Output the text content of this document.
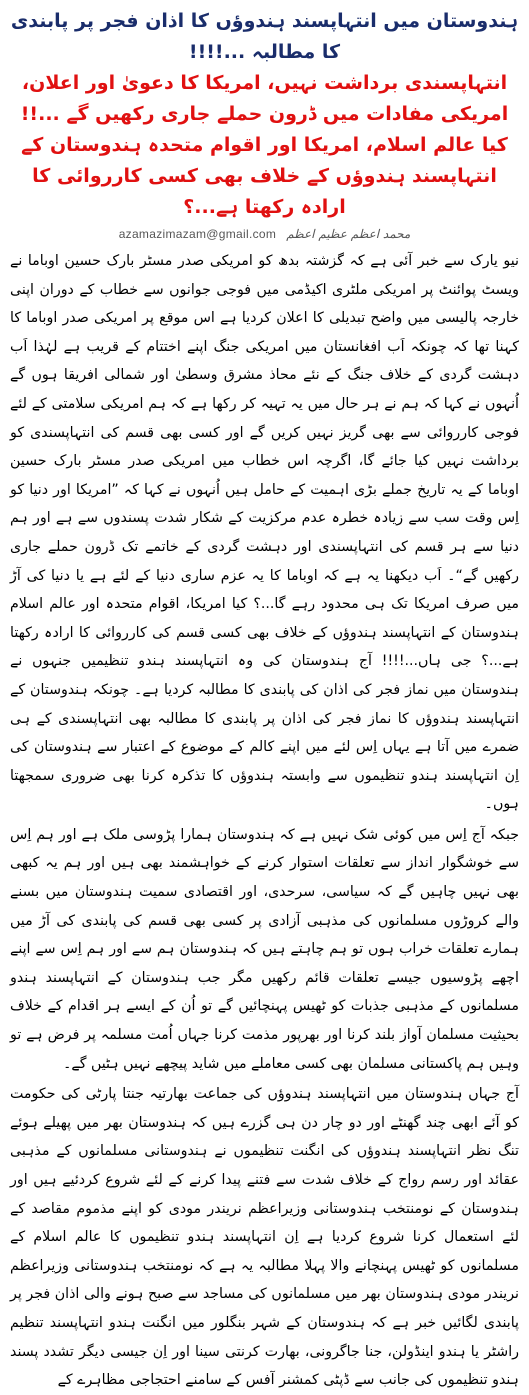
ہندوستان میں انتہاپسند ہندوؤں کا اذان فجر پر پابندی کا مطالبہ ...!!!!
انتہاپسندی برداشت نہیں، امریکا کا دعویٰ اور اعلان، امریکی مفادات میں ڈرون حملے جاری رکھیں گے ...!!
کیا عالم اسلام، امریکا اور اقوام متحدہ ہندوستان کے انتہاپسند ہندوؤں کے خلاف بھی کسی کارروائی کا ارادہ رکھتا ہے...؟
azamazimazam@gmail.com محمد اعظم عظیم اعظم

نیو یارک سے خبر آئی ہے کہ گزشتہ بدھ کو امریکی صدر مسٹر بارک حسین اوباما نے ویسٹ پوائنٹ پر امریکی ملٹری اکیڈمی میں فوجی جوانوں سے خطاب کے دوران اپنی خارجہ پالیسی میں واضح تبدیلی کا اعلان کردیا ہے اس موقع پر امریکی صدر اوباما کا کہنا تھا کہ چونکہ اَب افغانستان میں امریکی جنگ اپنے اختتام کے قریب ہے لہٰذا اَب دہشت گردی کے خلاف جنگ کے نئے محاذ مشرق وسطیٰ اور شمالی افریقا ہوں گے اُنہوں نے کہا کہ ہم نے ہر حال میں یہ تہیہ کر رکھا ہے کہ ہم امریکی سلامتی کے لئے فوجی کارروائی سے بھی گریز نہیں کریں گے اور کسی بھی قسم کی انتہاپسندی کو برداشت نہیں کیا جائے گا، اگرچہ اس خطاب میں امریکی صدر مسٹر بارک حسین اوباما کے یہ تاریخ جملے بڑی اہمیت کے حامل ہیں اُنہوں نے کہا کہ ”امریکا اور دنیا کو اِس وقت سب سے زیادہ خطرہ عدم مرکزیت کے شکار شدت پسندوں سے ہے اور ہم دنیا سے ہر قسم کی انتہاپسندی اور دہشت گردی کے خاتمے تک ڈرون حملے جاری رکھیں گے“۔ اَب دیکھنا یہ ہے کہ اوباما کا یہ عزم ساری دنیا کے لئے ہے یا دنیا کی آڑ میں صرف امریکا تک ہی محدود رہے گا...؟ کیا امریکا، اقوام متحدہ اور عالم اسلام ہندوستان کے انتہاپسند ہندوؤں کے خلاف بھی کسی قسم کی کارروائی کا ارادہ رکھتا ہے...؟ جی ہاں...!!!! آج ہندوستان کی وہ انتہاپسند ہندو تنظیمیں جنہوں نے ہندوستان میں نماز فجر کی اذان کی پابندی کا مطالبہ کردیا ہے۔ چونکہ ہندوستان کے انتہاپسند ہندوؤں کا نماز فجر کی اذان پر پابندی کا مطالبہ بھی انتہاپسندی کے ہی ضمرے میں آتا ہے یہاں اِس لئے میں اپنے کالم کے موضوع کے اعتبار سے ہندوستان کی اِن انتہاپسند ہندو تنظیموں سے وابستہ ہندوؤں کا تذکرہ کرنا بھی ضروری سمجھتا ہوں۔

جبکہ آج اِس میں کوئی شک نہیں ہے کہ ہندوستان ہمارا پڑوسی ملک ہے اور ہم اِس سے خوشگوار انداز سے تعلقات استوار کرنے کے خواہشمند بھی ہیں اور ہم یہ کبھی بھی نہیں چاہیں گے کہ سیاسی، سرحدی، اور اقتصادی سمیت ہندوستان میں بسنے والے کروڑوں مسلمانوں کی مذہبی آزادی پر کسی بھی قسم کی پابندی کی آڑ میں ہمارے تعلقات خراب ہوں تو ہم چاہتے ہیں کہ ہندوستان ہم سے اور ہم اِس سے اپنے اچھے پڑوسیوں جیسے تعلقات قائم رکھیں مگر جب ہندوستان کے انتہاپسند ہندو مسلمانوں کے مذہبی جذبات کو ٹھیس پہنچائیں گے تو اُن کے ایسے ہر اقدام کے خلاف بحیثیت مسلمان آواز بلند کرنا اور بھرپور مذمت کرنا جہاں اُمت مسلمہ پر فرض ہے تو وہیں ہم پاکستانی مسلمان بھی کسی معاملے میں شاید پیچھے نہیں ہٹیں گے۔

آج جہاں ہندوستان میں انتہاپسند ہندوؤں کی جماعت بھارتیہ جنتا پارٹی کی حکومت کو آئے ابھی چند گھنٹے اور دو چار دن ہی گزرے ہیں کہ ہندوستان بھر میں پھیلے ہوئے تنگ نظر انتہاپسند ہندوؤں کی انگنت تنظیموں نے ہندوستانی مسلمانوں کے مذہبی عقائد اور رسم رواج کے خلاف شدت سے فتنے پیدا کرنے کے لئے شروع کردئیے ہیں اور ہندوستان کے نومنتخب ہندوستانی وزیراعظم نریندر مودی کو اپنے مذموم مقاصد کے لئے استعمال کرنا شروع کردیا ہے اِن انتہاپسند ہندو تنظیموں کا عالم اسلام کے مسلمانوں کو ٹھیس پہنچانے والا پہلا مطالبہ یہ ہے کہ نومنتخب ہندوستانی وزیراعظم نریندر مودی ہندوستان بھر میں مسلمانوں کی مساجد سے صبح ہونے والی اذان فجر پر پابندی لگائیں خبر ہے کہ ہندوستان کے شہر بنگلور میں انگنت ہندو انتہاپسند تنظیم راشٹر یا ہندو اینڈولن، جنا جاگرونی، بھارت کرنتی سینا اور اِن جیسی دیگر تشدد پسند ہندو تنظیموں کی جانب سے ڈپٹی کمشنر آفس کے سامنے احتجاجی مظاہرے کے
